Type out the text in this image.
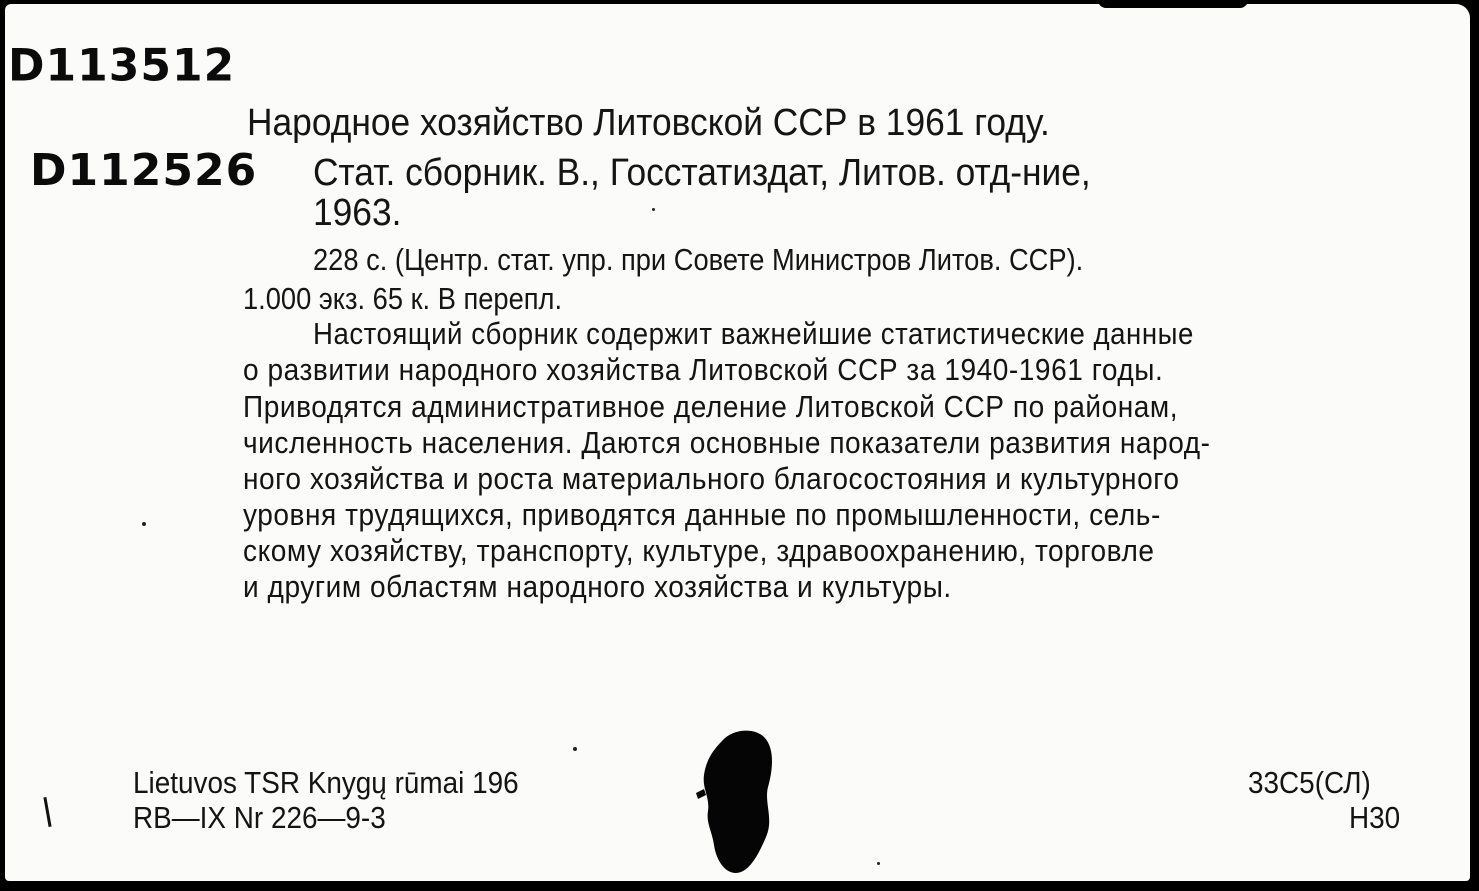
D113512
D112526
Народное хозяйство Литовской ССР в 1961 году.
Стат. сборник. В., Госстатиздат, Литов. отд-ние,
1963.
228 с. (Центр. стат. упр. при Совете Министров Литов. ССР).
1.000 экз. 65 к. В перепл.
Настоящий сборник содержит важнейшие статистические данные
о развитии народного хозяйства Литовской ССР за 1940-1961 годы.
Приводятся административное деление Литовской ССР по районам,
численность населения. Даются основные показатели развития народ-
ного хозяйства и роста материального благосостояния и культурного
уровня трудящихся, приводятся данные по промышленности, сель-
скому хозяйству, транспорту, культуре, здравоохранению, торговле
и другим областям народного хозяйства и культуры.
Lietuvos TSR Knygų rūmai 196
RB—IX Nr 226—9-3
33С5(СЛ)
Н30
